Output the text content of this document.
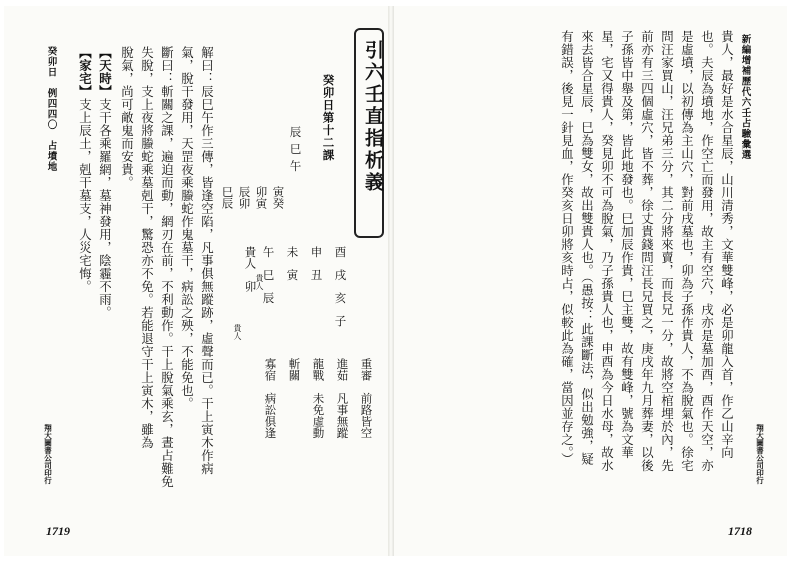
新編增補歷代六壬占驗彙選
貴人，最好是水合星辰，山川清秀，文華雙峰，必是卯龍入首，作乙山辛向
也。夫辰為墳地，作空亡而發用，故主有空穴，戌亦是墓加酉，酉作天空，亦
是虛墳，以初傳為主山穴，對前戌墓也，卯為子孫作貴人，不為脫氣也。徐宅
問汪家買山，汪兄弟三分，其二分將來賣，而長兄一分，故將空棺埋於內，先
前亦有三四個虛穴，皆不葬，徐丈貴錢問汪長兄買之，庚戌年九月葬妻，以後
子孫皆中舉及第，皆此地發也。巳加辰作貴，巳主雙，故有雙峰，號為文華
星，宅又得貴人，癸見卯不可為脫氣，乃子孫貴人也，申酉為今日水母，故水
來去皆合星辰，巳為雙女，故出雙貴人也。（愚按：此課斷法，似出勉強，疑
有錯誤，後見一針見血，作癸亥日卯將亥時占，似較此為確，當因並存之。）	翔大圖書公司印行
1718
引六壬直指析義
癸卯日第十二課
辰
巳
午
寅癸
卯寅
辰卯
巳辰
酉　戌　亥　子
申　丑
未　寅
午　巳　辰
貴人　卯
貴人
貴人
重審　前路皆空
進茹　凡事無蹤
龍戰　未免虛動
斬關
寡宿　病訟俱逢
解曰：辰巳午作三傳，皆逢空陷，凡事俱無蹤跡，虛聲而已。干上寅木作病
氣，脫干發用，天罡夜乘螣蛇作鬼墓干，病訟之殃，不能免也。
斷曰：斬關之課，遍迫而動，網刃在前，不利動作。干上脫氣乘玄，晝占難免
失脫，支上夜將螣蛇乘墓剋干，驚恐亦不免。若能退守干上寅木，雖為
脫氣，尚可敵鬼而安貴。
【天時】支干各乘羅網，墓神發用，陰霾不雨。
【家宅】支上辰土，剋干墓支，人災宅悔。
癸卯日　例四四〇　占墳地
翔大圖書公司印行
1719
